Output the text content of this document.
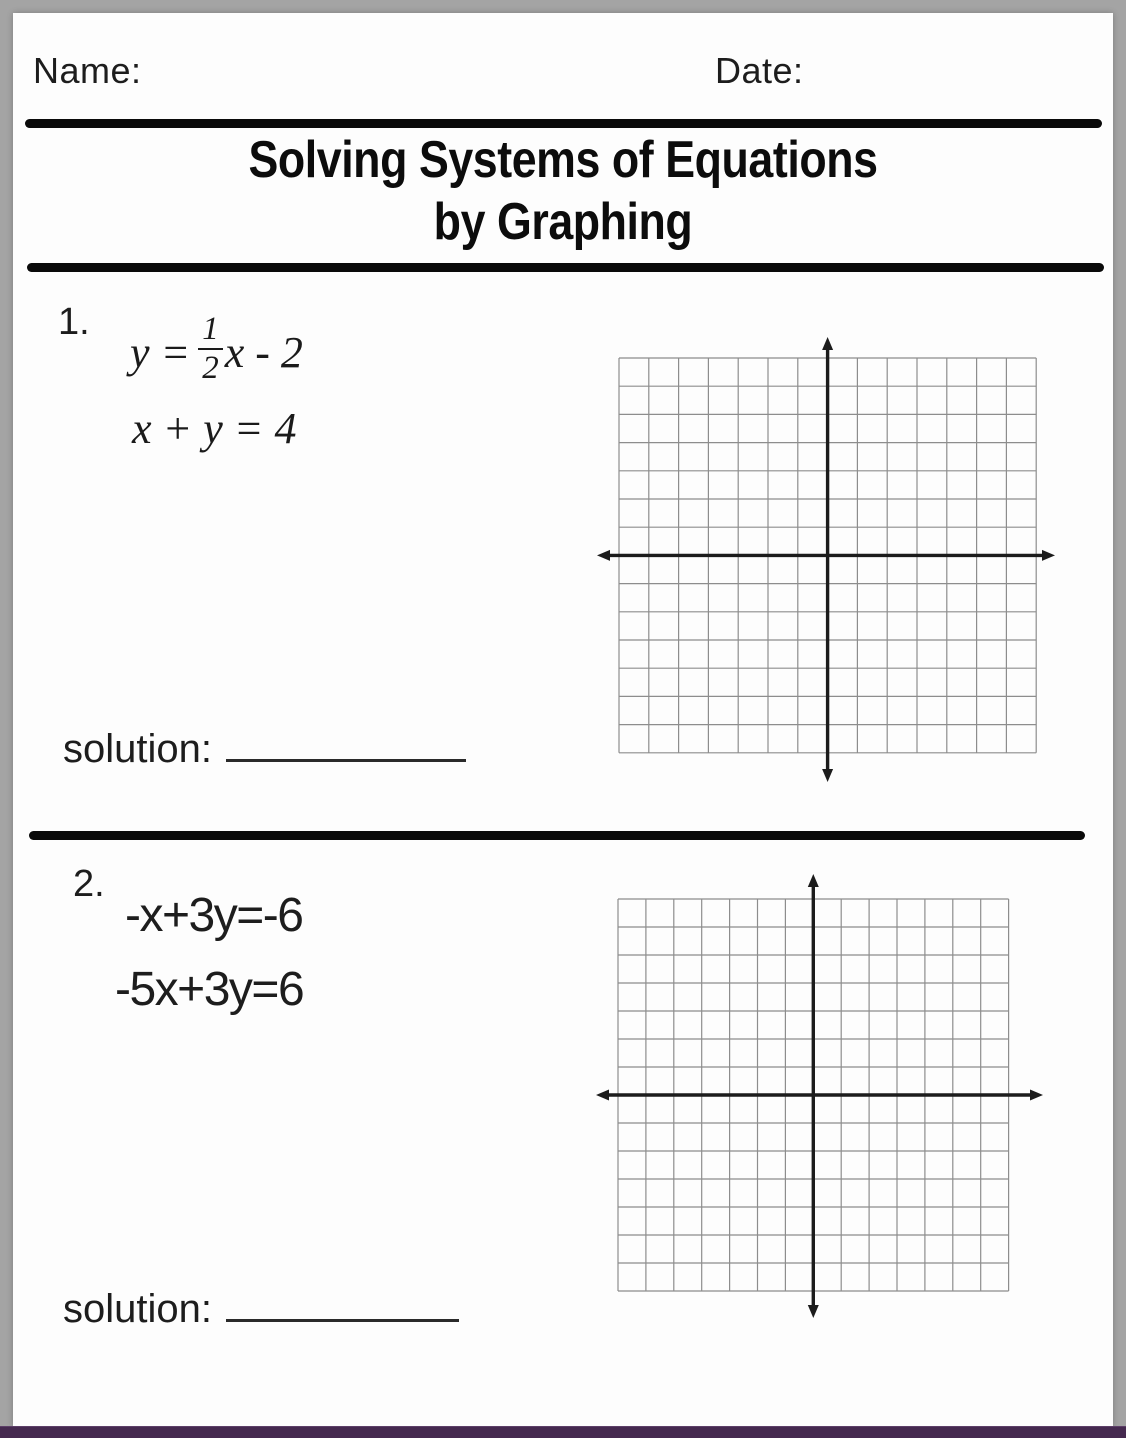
Name:	Date:
Solving Systems of Equations
by Graphing
1.
$y = \frac{1}{2}$ x - 2
x + y = 4
solution:
2.
-x+3y=-6
-5x+3y=6
solution:
